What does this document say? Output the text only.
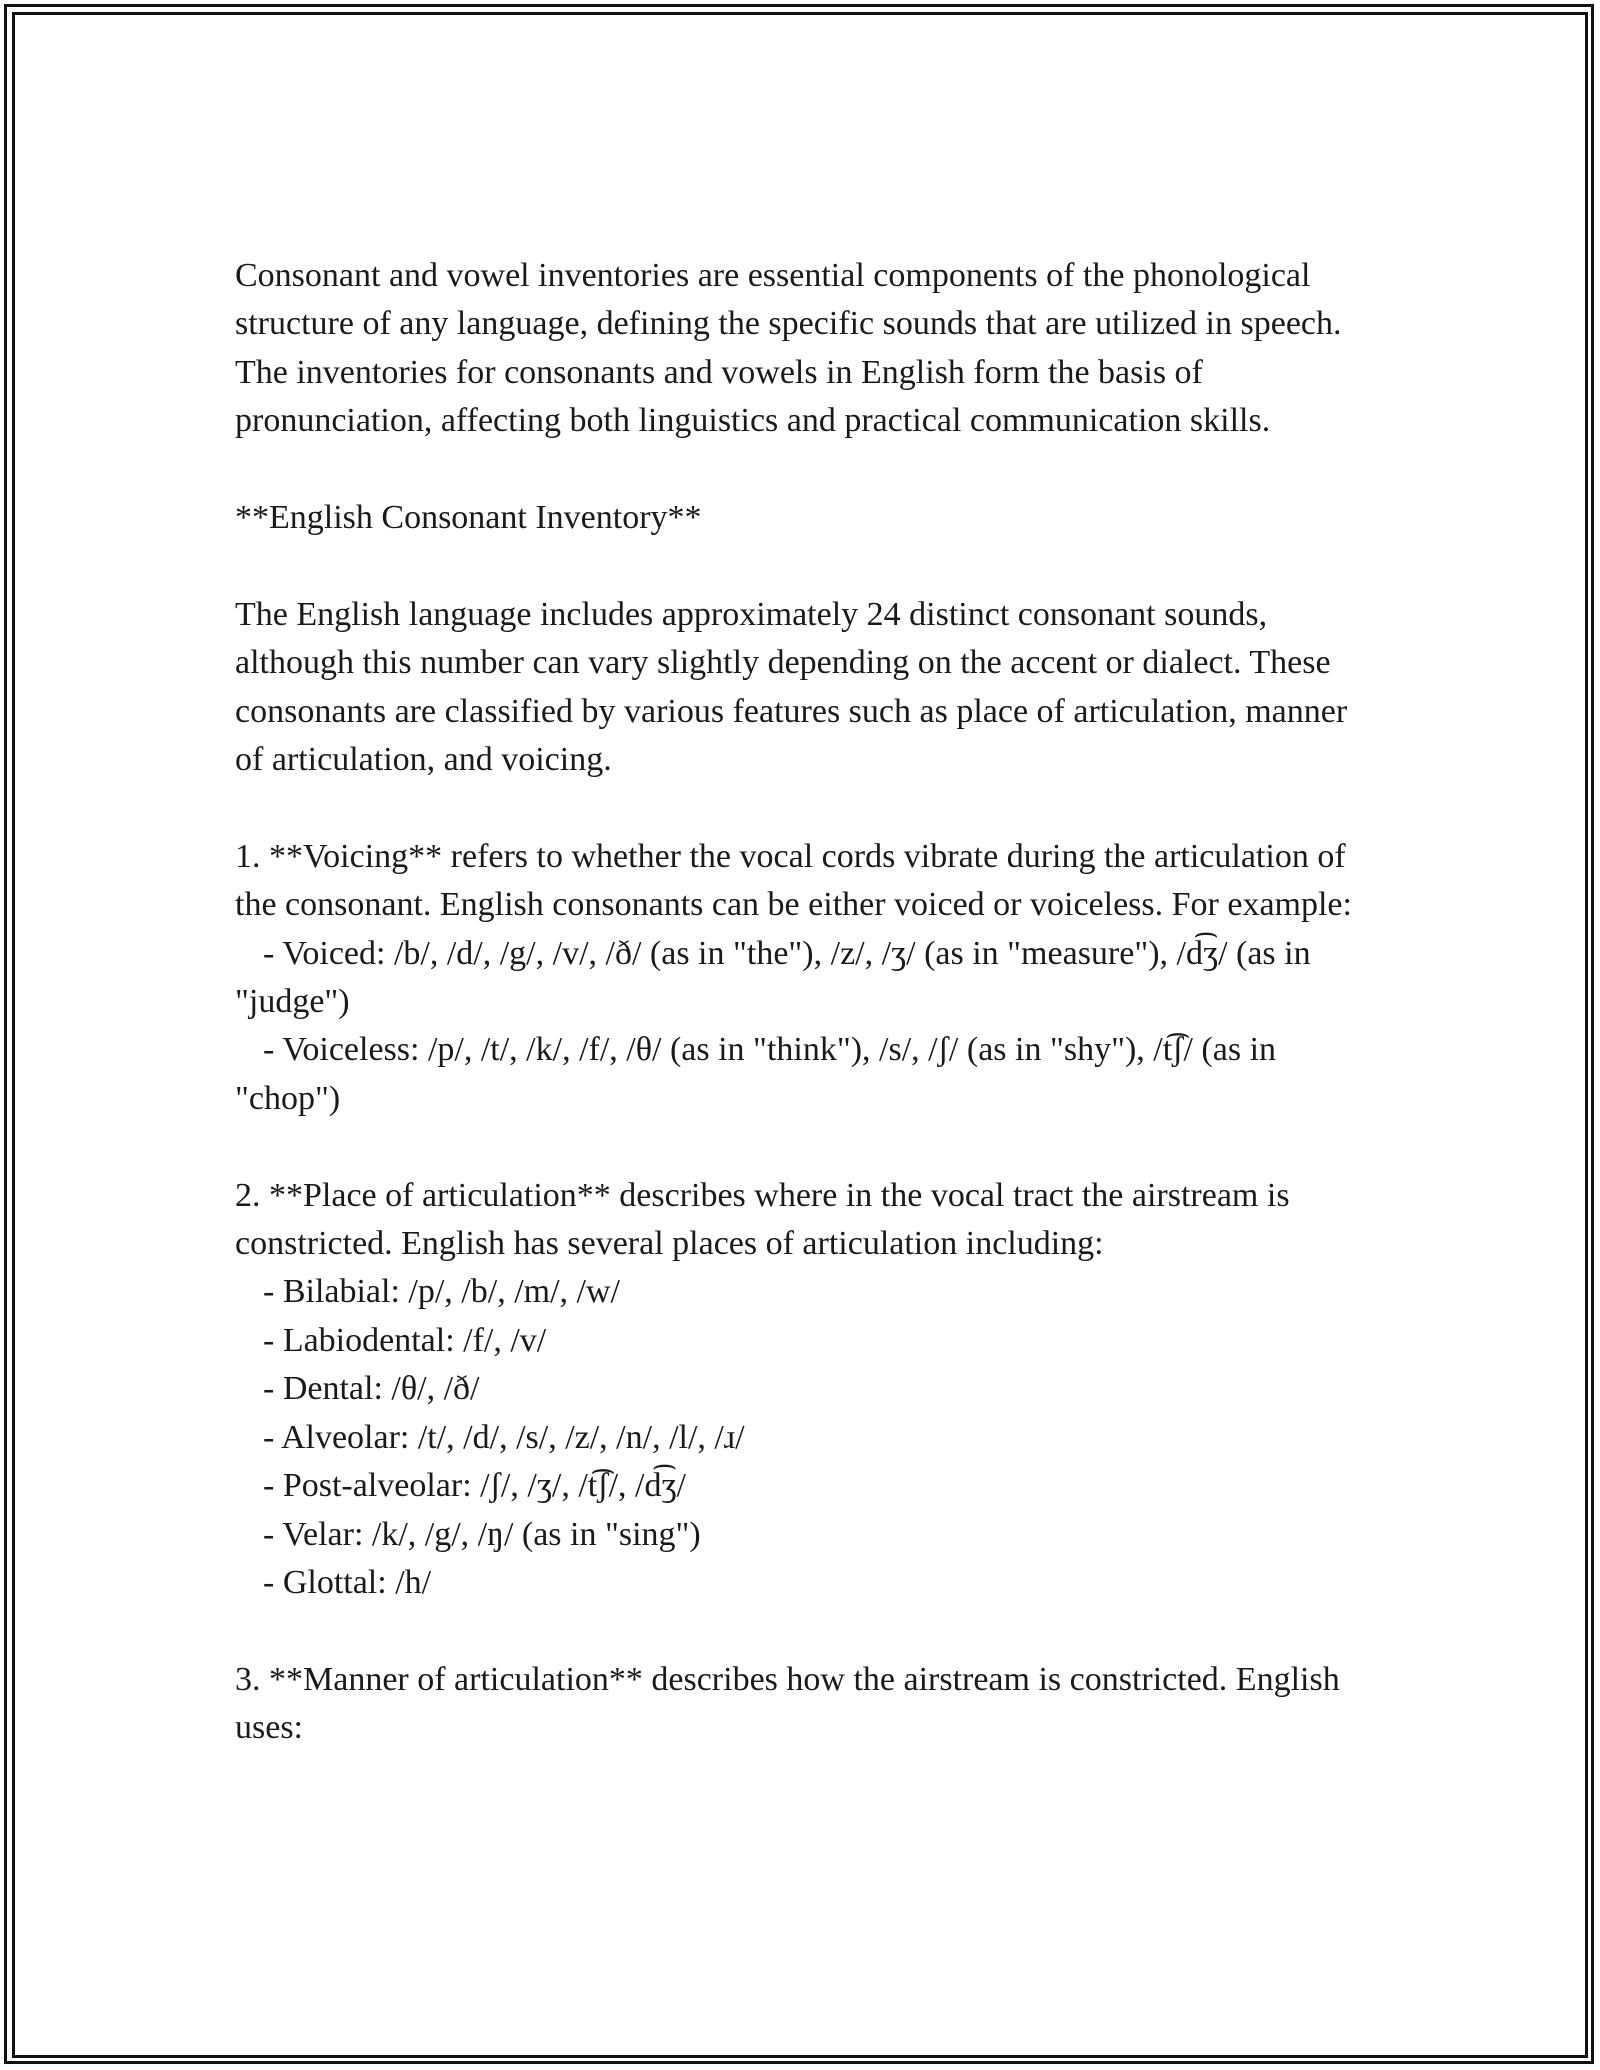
Consonant and vowel inventories are essential components of the phonological structure of any language, defining the specific sounds that are utilized in speech. The inventories for consonants and vowels in English form the basis of pronunciation, affecting both linguistics and practical communication skills.

**English Consonant Inventory**

The English language includes approximately 24 distinct consonant sounds, although this number can vary slightly depending on the accent or dialect. These consonants are classified by various features such as place of articulation, manner of articulation, and voicing.

1. **Voicing** refers to whether the vocal cords vibrate during the articulation of the consonant. English consonants can be either voiced or voiceless. For example:
- Voiced: /b/, /d/, /g/, /v/, /ð/ (as in "the"), /z/, /ʒ/ (as in "measure"), /d͡ʒ/ (as in "judge")
- Voiceless: /p/, /t/, /k/, /f/, /θ/ (as in "think"), /s/, /ʃ/ (as in "shy"), /t͡ʃ/ (as in "chop")

2. **Place of articulation** describes where in the vocal tract the airstream is constricted. English has several places of articulation including:
- Bilabial: /p/, /b/, /m/, /w/
- Labiodental: /f/, /v/
- Dental: /θ/, /ð/
- Alveolar: /t/, /d/, /s/, /z/, /n/, /l/, /ɹ/
- Post-alveolar: /ʃ/, /ʒ/, /t͡ʃ/, /d͡ʒ/
- Velar: /k/, /g/, /ŋ/ (as in "sing")
- Glottal: /h/

3. **Manner of articulation** describes how the airstream is constricted. English uses:
